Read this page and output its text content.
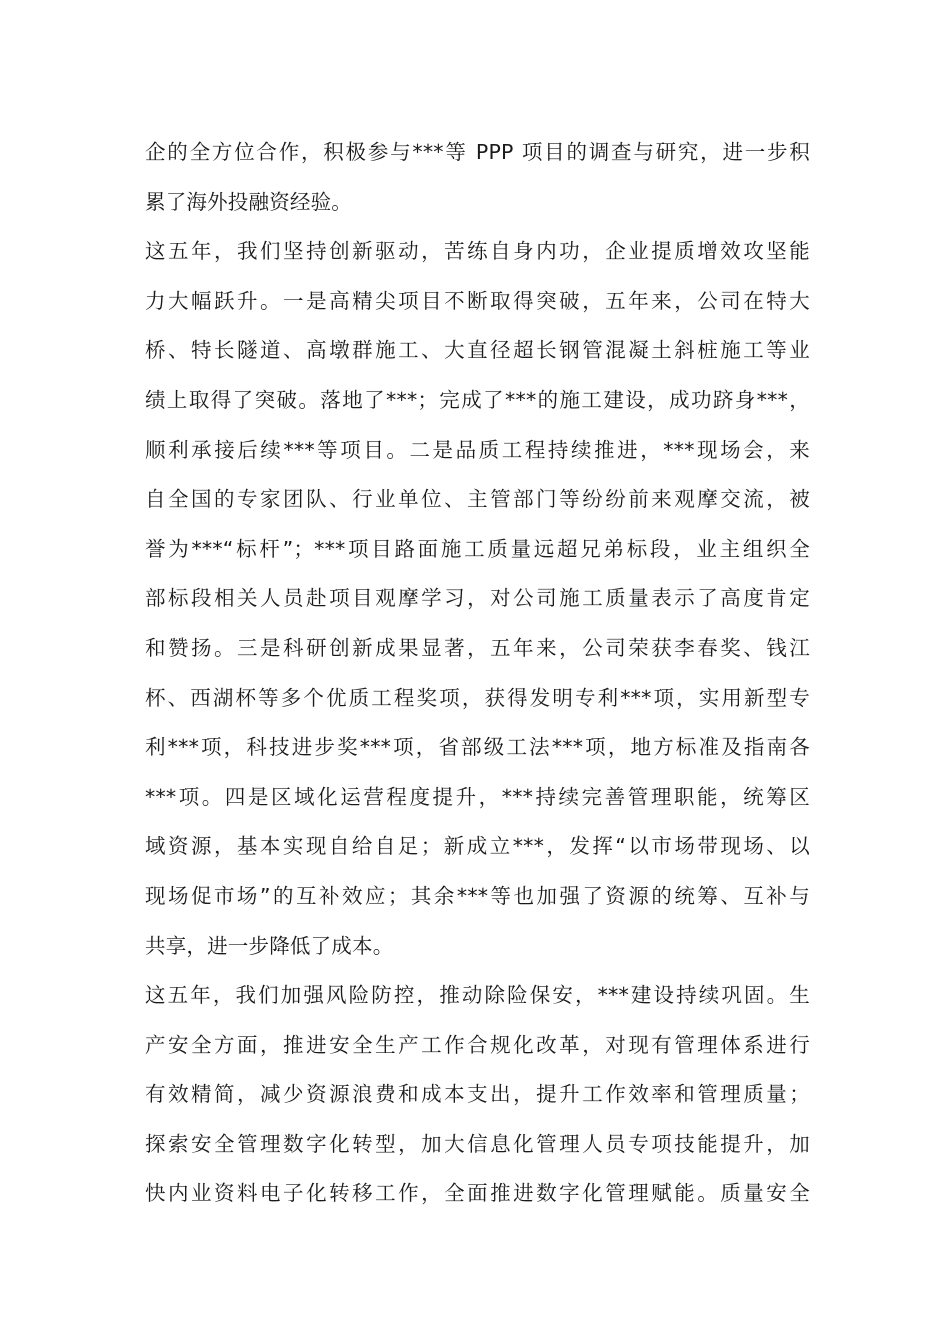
企的全方位合作，积极参与***等 PPP 项目的调查与研究，进一步积
累了海外投融资经验。
这五年，我们坚持创新驱动，苦练自身内功，企业提质增效攻坚能
力大幅跃升。一是高精尖项目不断取得突破，五年来，公司在特大
桥、特长隧道、高墩群施工、大直径超长钢管混凝土斜桩施工等业
绩上取得了突破。落地了***；完成了***的施工建设，成功跻身***，
顺利承接后续***等项目。二是品质工程持续推进，***现场会，来
自全国的专家团队、行业单位、主管部门等纷纷前来观摩交流，被
誉为***“标杆”；***项目路面施工质量远超兄弟标段，业主组织全
部标段相关人员赴项目观摩学习，对公司施工质量表示了高度肯定
和赞扬。三是科研创新成果显著，五年来，公司荣获李春奖、钱江
杯、西湖杯等多个优质工程奖项，获得发明专利***项，实用新型专
利***项，科技进步奖***项，省部级工法***项，地方标准及指南各
***项。四是区域化运营程度提升，***持续完善管理职能，统筹区
域资源，基本实现自给自足；新成立***，发挥“以市场带现场、以
现场促市场”的互补效应；其余***等也加强了资源的统筹、互补与
共享，进一步降低了成本。
这五年，我们加强风险防控，推动除险保安，***建设持续巩固。生
产安全方面，推进安全生产工作合规化改革，对现有管理体系进行
有效精简，减少资源浪费和成本支出，提升工作效率和管理质量；
探索安全管理数字化转型，加大信息化管理人员专项技能提升，加
快内业资料电子化转移工作，全面推进数字化管理赋能。质量安全
